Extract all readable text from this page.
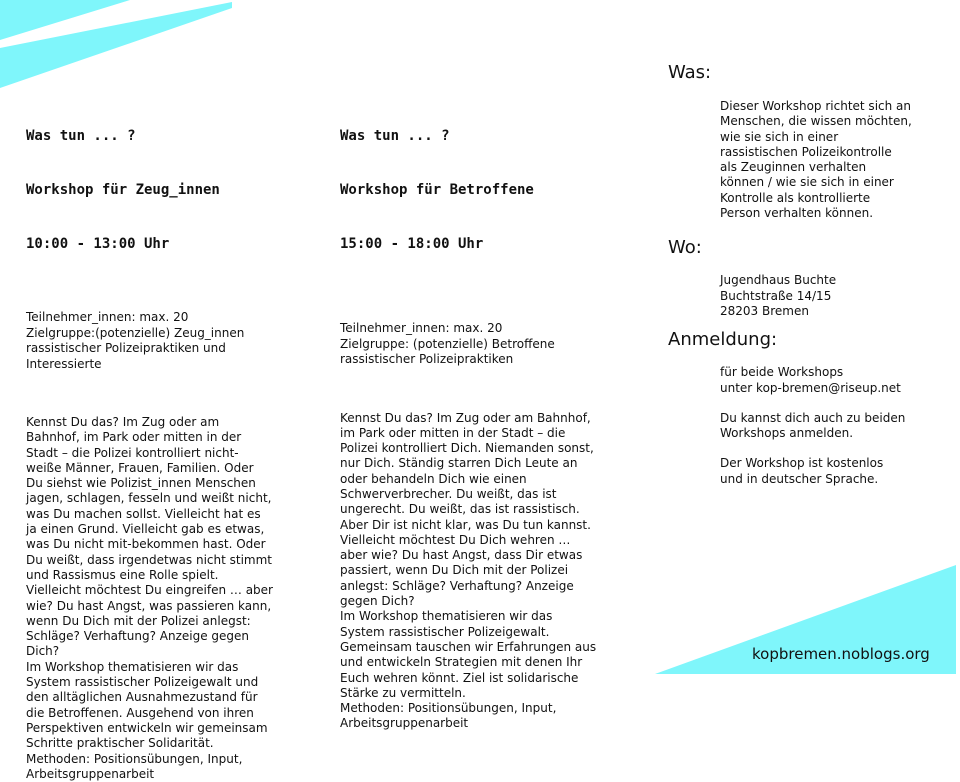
Was tun ... ?

Workshop für Zeug_innen

10:00 - 13:00 Uhr

Teilnehmer_innen: max. 20
Zielgruppe:(potenzielle) Zeug_innen
rassistischer Polizeipraktiken und
Interessierte
Kennst Du das? Im Zug oder am
Bahnhof, im Park oder mitten in der
Stadt – die Polizei kontrolliert nicht-
weiße Männer, Frauen, Familien. Oder
Du siehst wie Polizist_innen Menschen
jagen, schlagen, fesseln und weißt nicht,
was Du machen sollst. Vielleicht hat es
ja einen Grund. Vielleicht gab es etwas,
was Du nicht mit-bekommen hast. Oder
Du weißt, dass irgendetwas nicht stimmt
und Rassismus eine Rolle spielt.
Vielleicht möchtest Du eingreifen … aber
wie? Du hast Angst, was passieren kann,
wenn Du Dich mit der Polizei anlegst:
Schläge? Verhaftung? Anzeige gegen
Dich?
Im Workshop thematisieren wir das
System rassistischer Polizeigewalt und
den alltäglichen Ausnahmezustand für
die Betroffenen. Ausgehend von ihren
Perspektiven entwickeln wir gemeinsam
Schritte praktischer Solidarität.
Methoden: Positionsübungen, Input,
Arbeitsgruppenarbeit

Was tun ... ?

Workshop für Betroffene

15:00 - 18:00 Uhr

Teilnehmer_innen: max. 20
Zielgruppe: (potenzielle) Betroffene
rassistischer Polizeipraktiken
Kennst Du das? Im Zug oder am Bahnhof,
im Park oder mitten in der Stadt – die
Polizei kontrolliert Dich. Niemanden sonst,
nur Dich. Ständig starren Dich Leute an
oder behandeln Dich wie einen
Schwerverbrecher. Du weißt, das ist
ungerecht. Du weißt, das ist rassistisch.
Aber Dir ist nicht klar, was Du tun kannst.
Vielleicht möchtest Du Dich wehren …
aber wie? Du hast Angst, dass Dir etwas
passiert, wenn Du Dich mit der Polizei
anlegst: Schläge? Verhaftung? Anzeige
gegen Dich?
Im Workshop thematisieren wir das
System rassistischer Polizeigewalt.
Gemeinsam tauschen wir Erfahrungen aus
und entwickeln Strategien mit denen Ihr
Euch wehren könnt. Ziel ist solidarische
Stärke zu vermitteln.
Methoden: Positionsübungen, Input,
Arbeitsgruppenarbeit
Was:
Dieser Workshop richtet sich an
Menschen, die wissen möchten,
wie sie sich in einer
rassistischen Polizeikontrolle
als Zeuginnen verhalten
können / wie sie sich in einer
Kontrolle als kontrollierte
Person verhalten können.
Wo:
Jugendhaus Buchte
Buchtstraße 14/15
28203 Bremen
Anmeldung:
für beide Workshops
unter kop-bremen@riseup.net
Du kannst dich auch zu beiden
Workshops anmelden.
Der Workshop ist kostenlos
und in deutscher Sprache.
kopbremen.noblogs.org
